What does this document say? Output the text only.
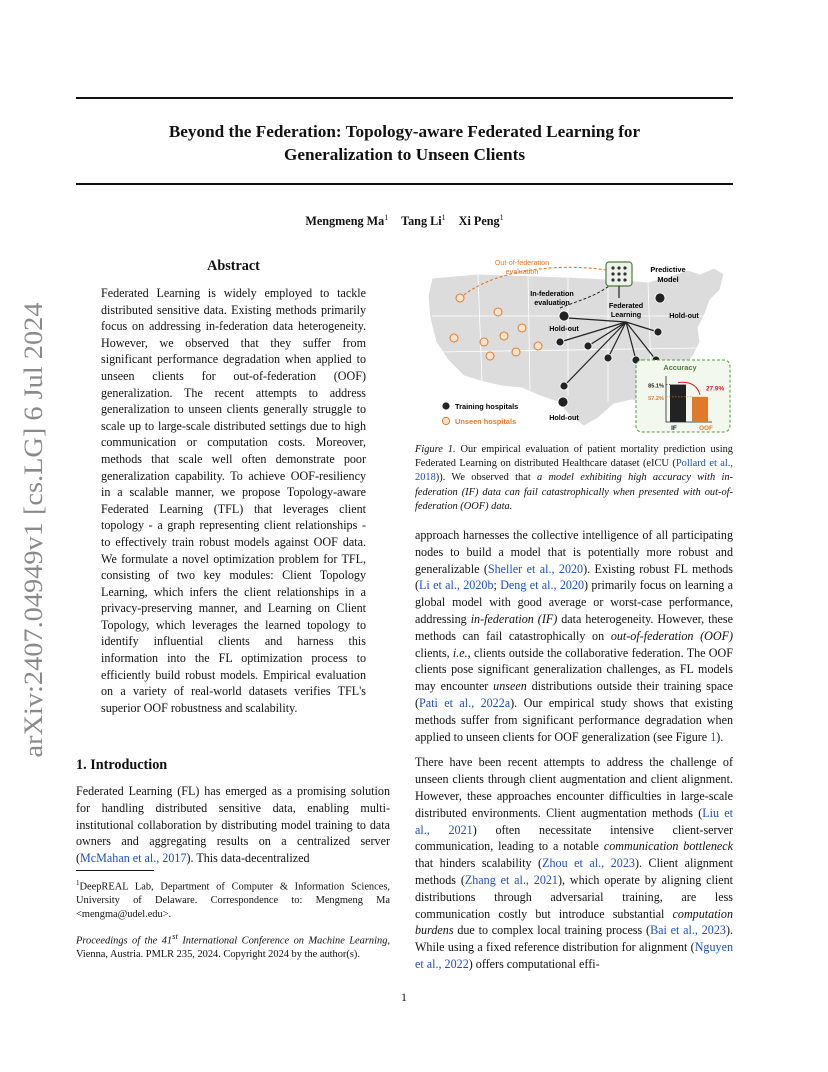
arXiv:2407.04949v1 [cs.LG] 6 Jul 2024
Beyond the Federation: Topology-aware Federated Learning for
Generalization to Unseen Clients
Mengmeng Ma$^1$ Tang Li$^1$ Xi Peng$^1$
Abstract
Federated Learning is widely employed to tackle distributed sensitive data. Existing methods primarily focus on addressing in-federation data heterogeneity. However, we observed that they suffer from significant performance degradation when applied to unseen clients for out-of-federation (OOF) generalization. The recent attempts to address generalization to unseen clients generally struggle to scale up to large-scale distributed settings due to high communication or computation costs. Moreover, methods that scale well often demonstrate poor generalization capability. To achieve OOF-resiliency in a scalable manner, we propose Topology-aware Federated Learning (TFL) that leverages client topology - a graph representing client relationships - to effectively train robust models against OOF data. We formulate a novel optimization problem for TFL, consisting of two key modules: Client Topology Learning, which infers the client relationships in a privacy-preserving manner, and Learning on Client Topology, which leverages the learned topology to identify influential clients and harness this information into the FL optimization process to efficiently build robust models. Empirical evaluation on a variety of real-world datasets verifies TFL's superior OOF robustness and scalability.
1. Introduction
Federated Learning (FL) has emerged as a promising solution for handling distributed sensitive data, enabling multi-institutional collaboration by distributing model training to data owners and aggregating results on a centralized server (McMahan et al., 2017). This data-decentralized
$^1$DeepREAL Lab, Department of Computer & Information Sciences, University of Delaware. Correspondence to: Mengmeng Ma <mengma@udel.edu>.
Proceedings of the 41st International Conference on Machine Learning, Vienna, Austria. PMLR 235, 2024. Copyright 2024 by the author(s).
Out-of-federation
evaluation
In-federation
evaluation
Predictive
Model
Federated
Learning
Hold-out
Hold-out
Hold-out
Training hospitals
Unseen hospitals
Accuracy
85.1%
IF
57.2%
OOF
27.9%
Figure 1. Our empirical evaluation of patient mortality prediction using Federated Learning on distributed Healthcare dataset (eICU (Pollard et al., 2018)). We observed that a model exhibiting high accuracy with in-federation (IF) data can fail catastrophically when presented with out-of-federation (OOF) data.

approach harnesses the collective intelligence of all participating nodes to build a model that is potentially more robust and generalizable (Sheller et al., 2020). Existing robust FL methods (Li et al., 2020b; Deng et al., 2020) primarily focus on learning a global model with good average or worst-case performance, addressing in-federation (IF) data heterogeneity. However, these methods can fail catastrophically on out-of-federation (OOF) clients, i.e., clients outside the collaborative federation. The OOF clients pose significant generalization challenges, as FL models may encounter unseen distributions outside their training space (Pati et al., 2022a). Our empirical study shows that existing methods suffer from significant performance degradation when applied to unseen clients for OOF generalization (see Figure 1).

There have been recent attempts to address the challenge of unseen clients through client augmentation and client alignment. However, these approaches encounter difficulties in large-scale distributed environments. Client augmentation methods (Liu et al., 2021) often necessitate intensive client-server communication, leading to a notable communication bottleneck that hinders scalability (Zhou et al., 2023). Client alignment methods (Zhang et al., 2021), which operate by aligning client distributions through adversarial training, are less communication costly but introduce substantial computation burdens due to complex local training process (Bai et al., 2023). While using a fixed reference distribution for alignment (Nguyen et al., 2022) offers computational effi-

1
